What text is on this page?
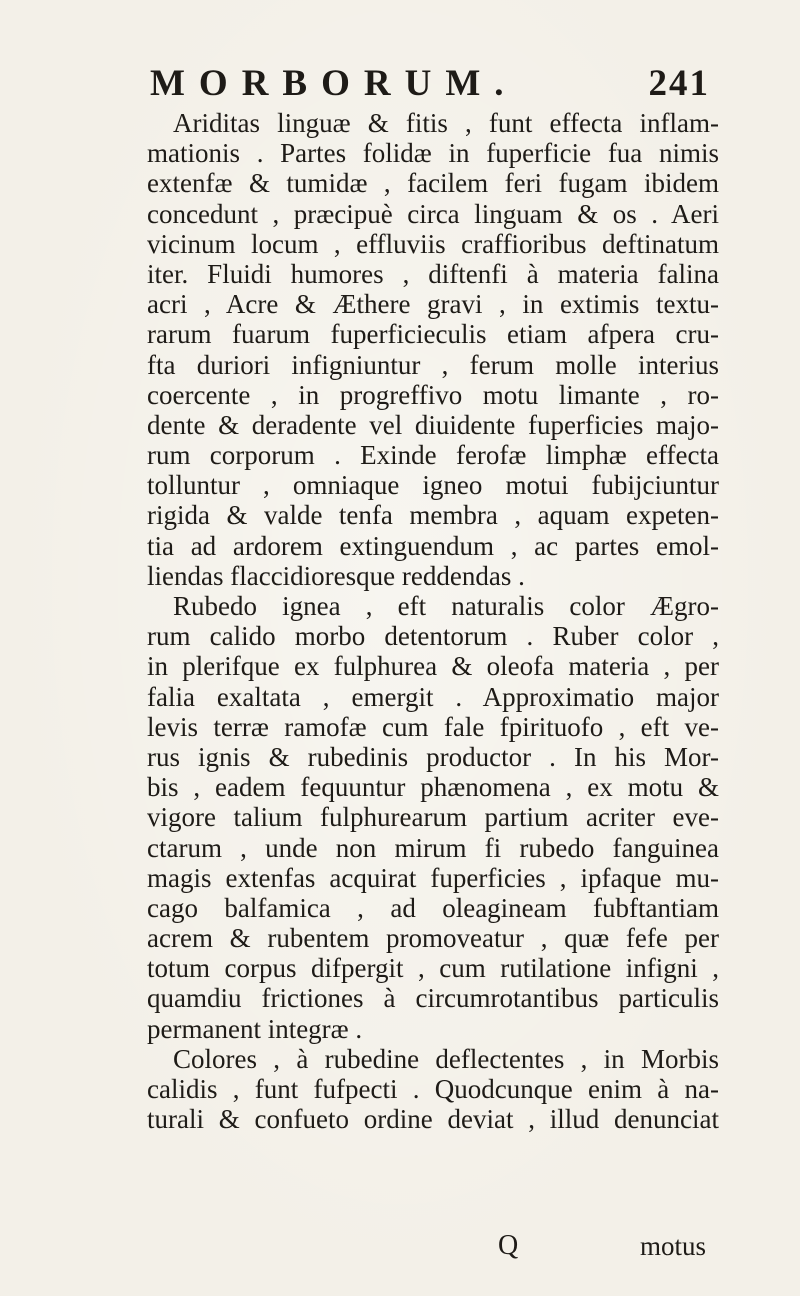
MORBORUM.	241
Ariditas linguæ & fitis , funt effecta inflam-
mationis . Partes folidæ in fuperficie fua nimis
extenfæ & tumidæ , facilem feri fugam ibidem
concedunt , præcipuè circa linguam & os . Aeri
vicinum locum , effluviis craffioribus deftinatum
iter. Fluidi humores , diftenfi à materia falina
acri , Acre & Æthere gravi , in extimis textu-
rarum fuarum fuperficieculis etiam afpera cru-
fta duriori infigniuntur , ferum molle interius
coercente , in progreffivo motu limante , ro-
dente & deradente vel diuidente fuperficies majo-
rum corporum . Exinde ferofæ limphæ effecta
tolluntur , omniaque igneo motui fubijciuntur
rigida & valde tenfa membra , aquam expeten-
tia ad ardorem extinguendum , ac partes emol-
liendas flaccidioresque reddendas .
Rubedo ignea , eft naturalis color Ægro-
rum calido morbo detentorum . Ruber color ,
in plerifque ex fulphurea & oleofa materia , per
falia exaltata , emergit . Approximatio major
levis terræ ramofæ cum fale fpirituofo , eft ve-
rus ignis & rubedinis productor . In his Mor-
bis , eadem fequuntur phænomena , ex motu &
vigore talium fulphurearum partium acriter eve-
ctarum , unde non mirum fi rubedo fanguinea
magis extenfas acquirat fuperficies , ipfaque mu-
cago balfamica , ad oleagineam fubftantiam
acrem & rubentem promoveatur , quæ fefe per
totum corpus difpergit , cum rutilatione infigni ,
quamdiu frictiones à circumrotantibus particulis
permanent integræ .
Colores , à rubedine deflectentes , in Morbis
calidis , funt fufpecti . Quodcunque enim à na-
turali & confueto ordine deviat , illud denunciat
Q	motus
